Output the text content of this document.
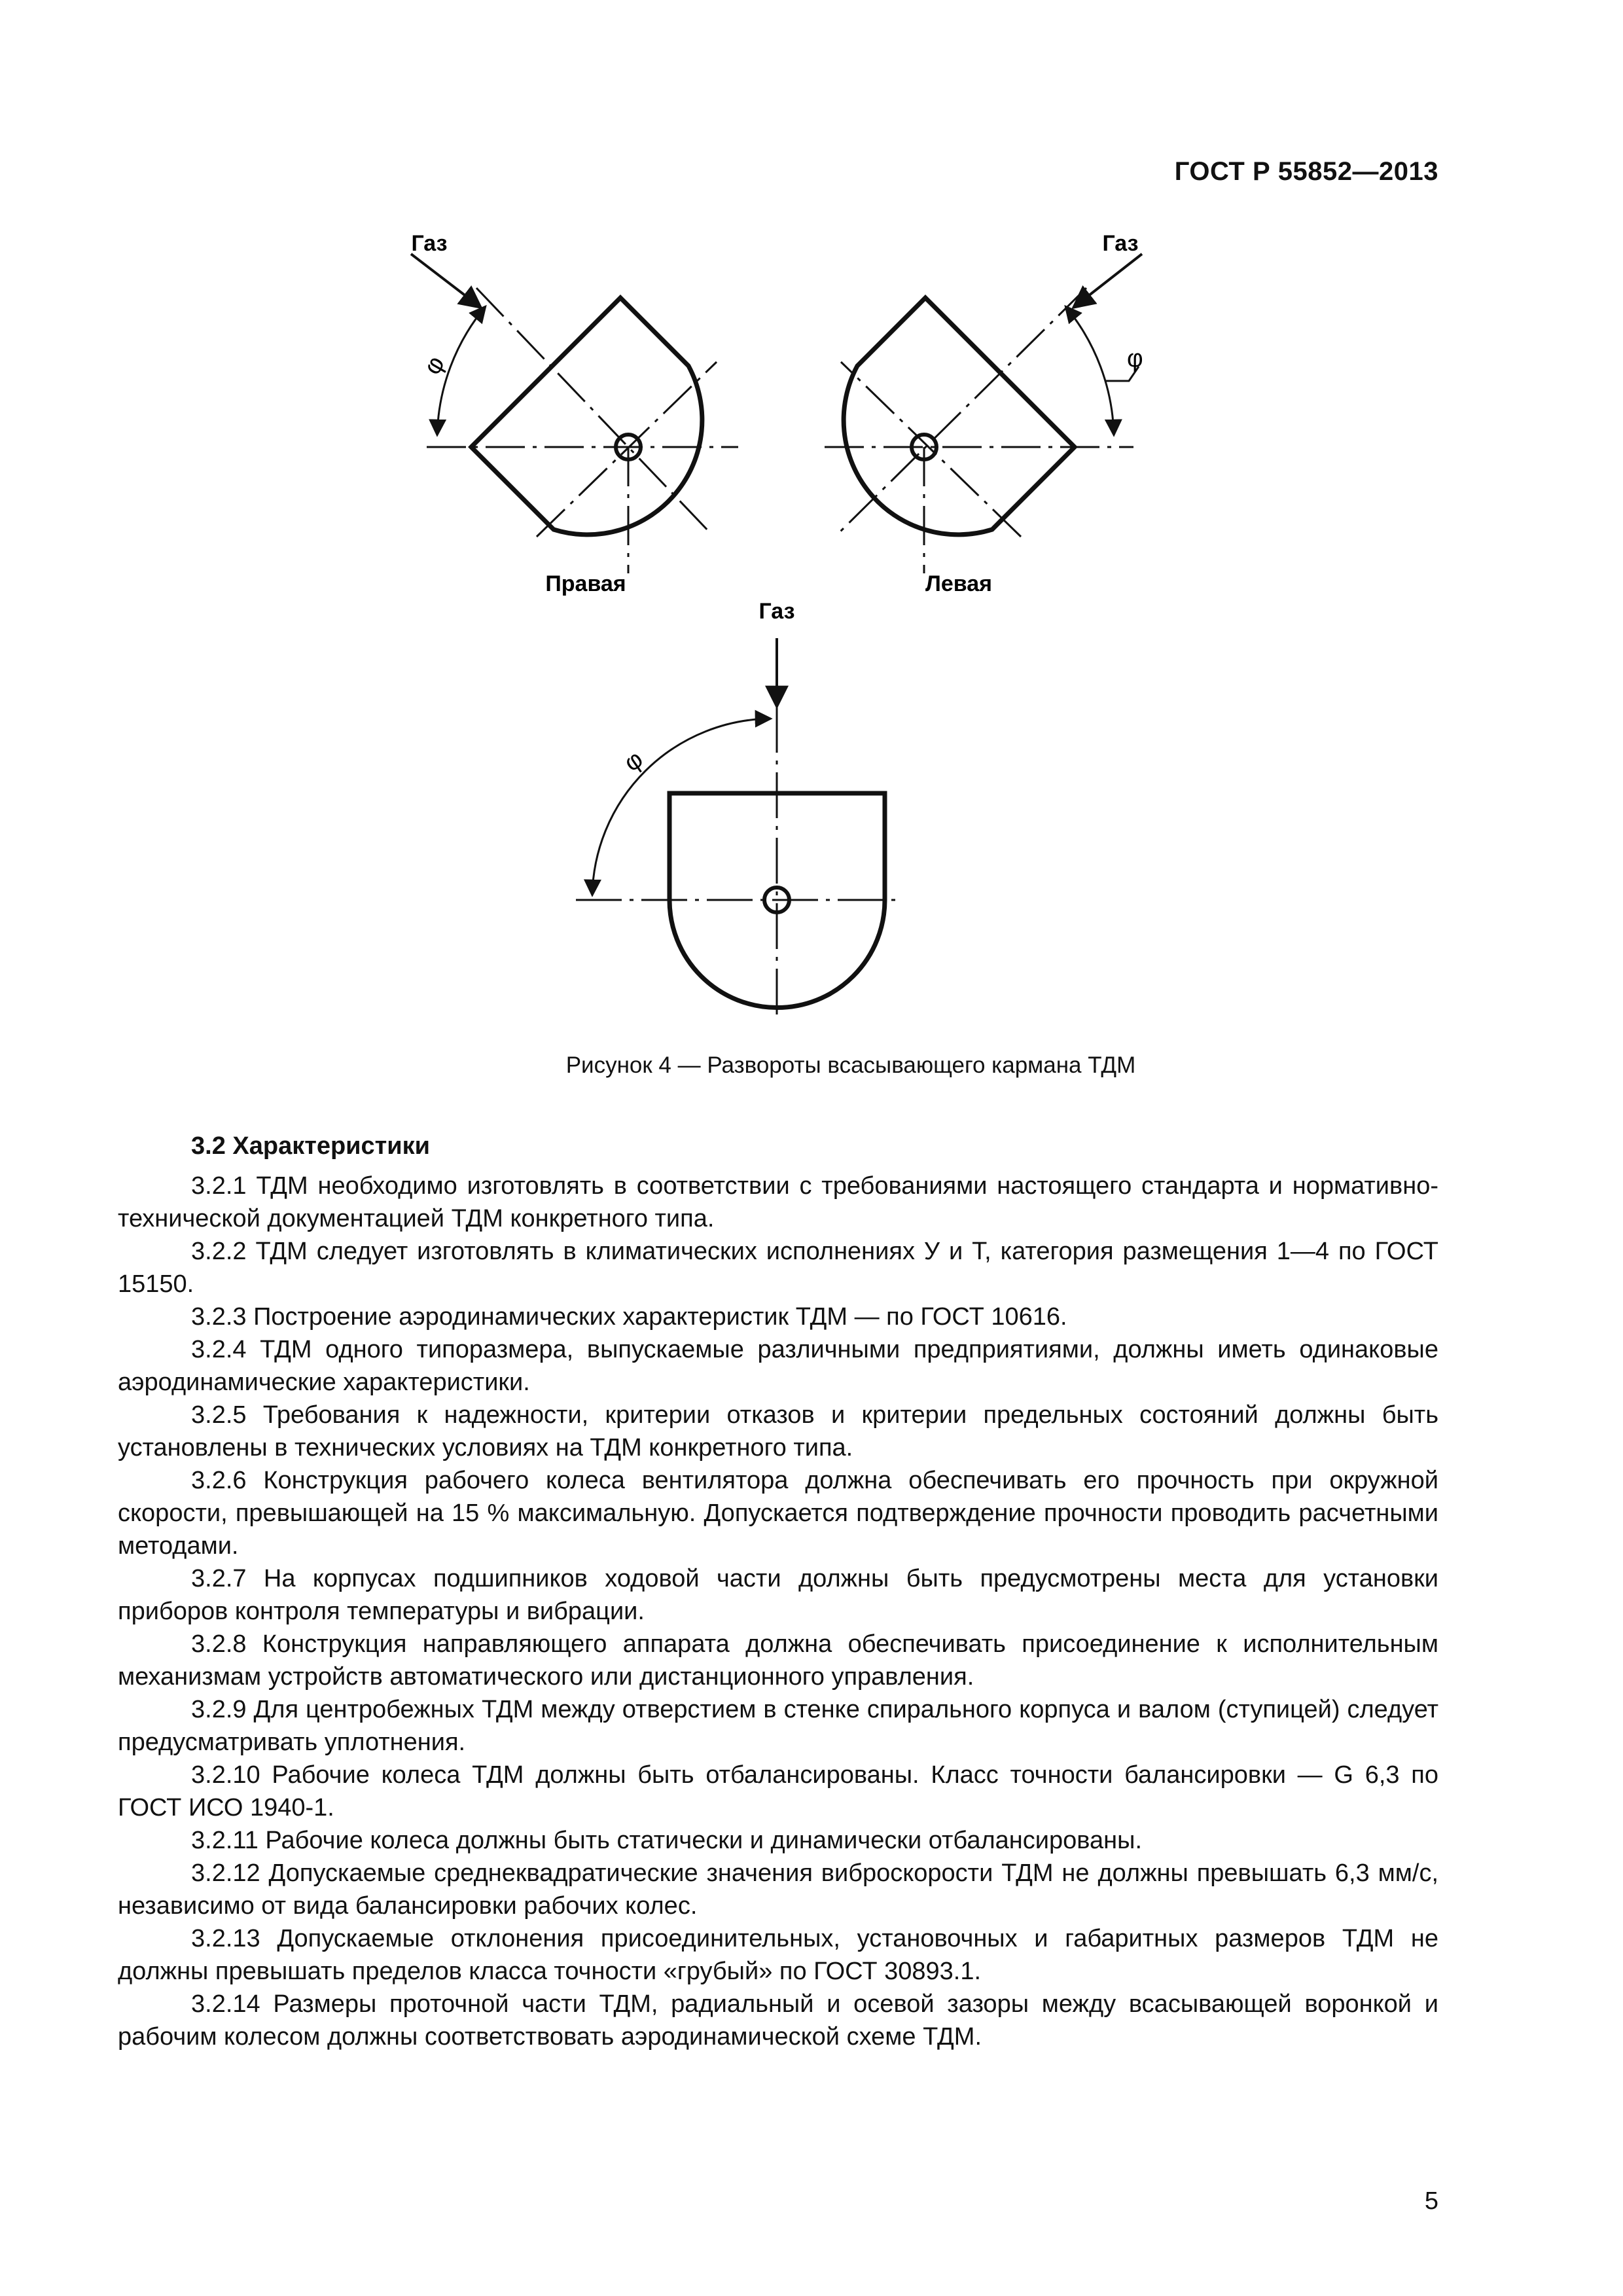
ГОСТ Р 55852—2013
Газ	Газ
Газ
φ	φ
φ
Правая	Левая
Рисунок 4 — Развороты всасывающего кармана ТДМ
3.2 Характеристики

3.2.1 ТДМ необходимо изготовлять в соответствии с требованиями настоящего стандарта и нормативно-технической документацией ТДМ конкретного типа.

3.2.2 ТДМ следует изготовлять в климатических исполнениях У и Т, категория размещения 1—4 по ГОСТ 15150.

3.2.3 Построение аэродинамических характеристик ТДМ — по ГОСТ 10616.

3.2.4 ТДМ одного типоразмера, выпускаемые различными предприятиями, должны иметь одинаковые аэродинамические характеристики.

3.2.5 Требования к надежности, критерии отказов и критерии предельных состояний должны быть установлены в технических условиях на ТДМ конкретного типа.

3.2.6 Конструкция рабочего колеса вентилятора должна обеспечивать его прочность при окружной скорости, превышающей на 15 % максимальную. Допускается подтверждение прочности проводить расчетными методами.

3.2.7 На корпусах подшипников ходовой части должны быть предусмотрены места для установки приборов контроля температуры и вибрации.

3.2.8 Конструкция направляющего аппарата должна обеспечивать присоединение к исполнительным механизмам устройств автоматического или дистанционного управления.

3.2.9 Для центробежных ТДМ между отверстием в стенке спирального корпуса и валом (ступицей) следует предусматривать уплотнения.

3.2.10 Рабочие колеса ТДМ должны быть отбалансированы. Класс точности балансировки — G 6,3 по ГОСТ ИСО 1940-1.

3.2.11 Рабочие колеса должны быть статически и динамически отбалансированы.

3.2.12 Допускаемые среднеквадратические значения виброскорости ТДМ не должны превышать 6,3 мм/с, независимо от вида балансировки рабочих колес.

3.2.13 Допускаемые отклонения присоединительных, установочных и габаритных размеров ТДМ не должны превышать пределов класса точности «грубый» по ГОСТ 30893.1.

3.2.14 Размеры проточной части ТДМ, радиальный и осевой зазоры между всасывающей воронкой и рабочим колесом должны соответствовать аэродинамической схеме ТДМ.

5
